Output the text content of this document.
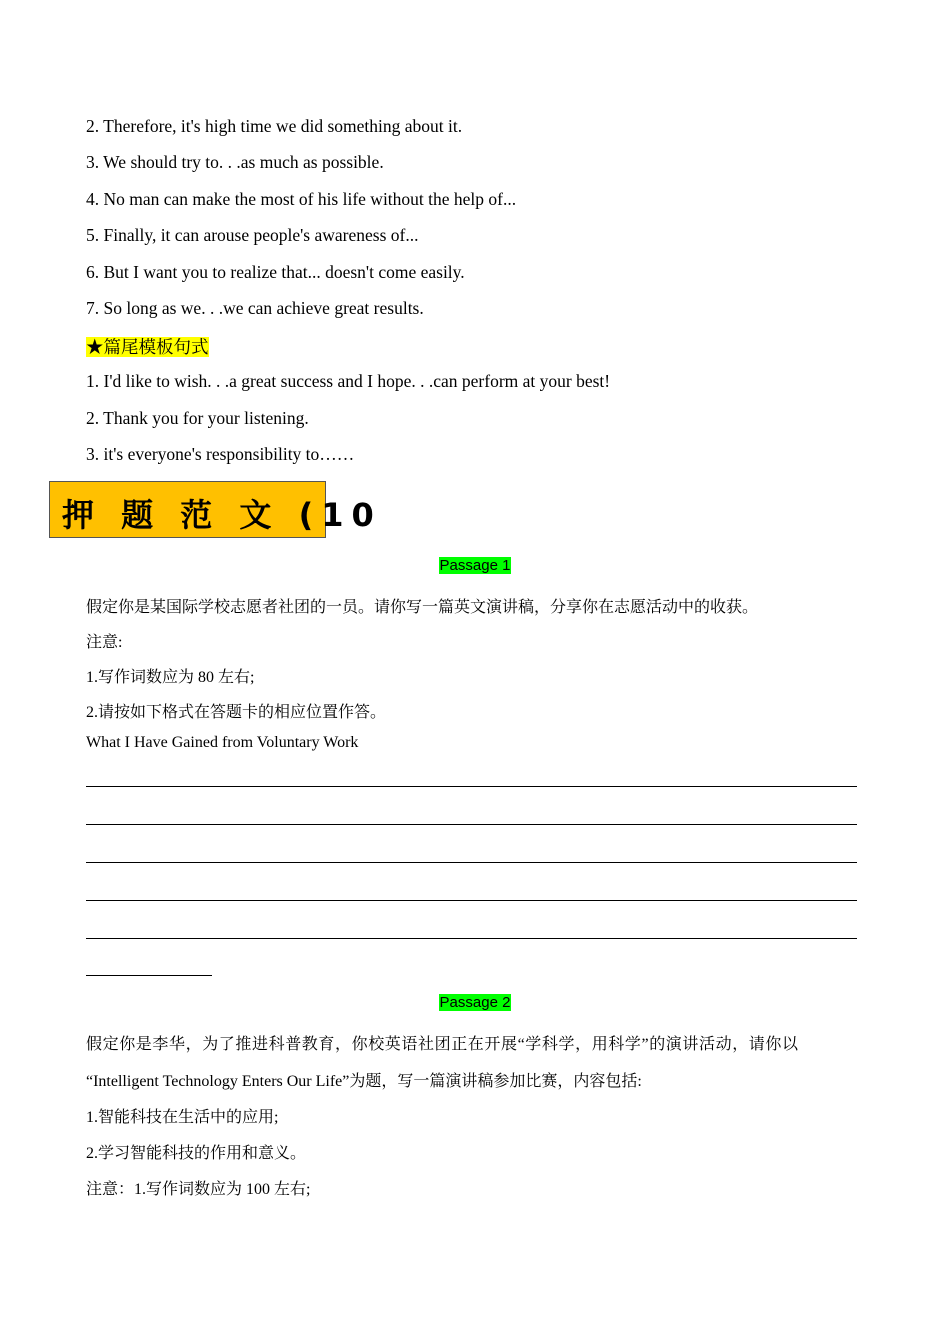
2. Therefore, it's high time we did something about it.
3. We should try to. . .as much as possible.
4. No man can make the most of his life without the help of...
5. Finally, it can arouse people's awareness of...
6. But I want you to realize that... doesn't come easily.
7. So long as we. . .we can achieve great results.
★篇尾模板句式
1. I'd like to wish. . .a great success and I hope. . .can perform at your best!
2. Thank you for your listening.
3. it's everyone's responsibility to……
押 题 范 文 (10
Passage 1
假定你是某国际学校志愿者社团的一员。请你写一篇英文演讲稿，分享你在志愿活动中的收获。
注意:
1.写作词数应为 80 左右;
2.请按如下格式在答题卡的相应位置作答。
What I Have Gained from Voluntary Work
Passage 2
假定你是李华，为了推进科普教育，你校英语社团正在开展“学科学，用科学”的演讲活动，请你以
“Intelligent Technology Enters Our Life”为题，写一篇演讲稿参加比赛，内容包括:
1.智能科技在生活中的应用;
2.学习智能科技的作用和意义。
注意：1.写作词数应为 100 左右;
